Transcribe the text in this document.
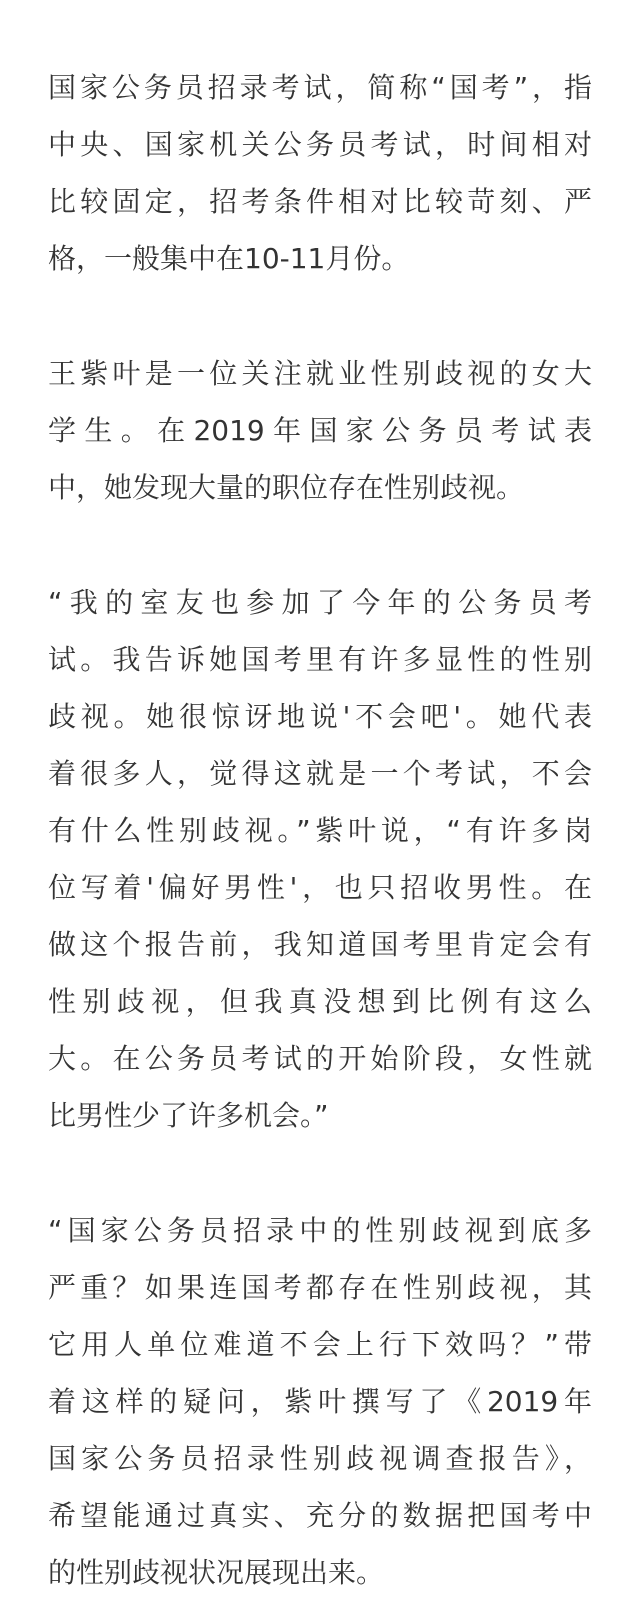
国家公务员招录考试，简称“国考”，指
中央、国家机关公务员考试，时间相对
比较固定，招考条件相对比较苛刻、严
格，一般集中在10-11月份。
王紫叶是一位关注就业性别歧视的女大
学生。在2019年国家公务员考试表
中，她发现大量的职位存在性别歧视。
“我的室友也参加了今年的公务员考
试。我告诉她国考里有许多显性的性别
歧视。她很惊讶地说'不会吧'。她代表
着很多人，觉得这就是一个考试，不会
有什么性别歧视。”紫叶说，“有许多岗
位写着'偏好男性'，也只招收男性。在
做这个报告前，我知道国考里肯定会有
性别歧视，但我真没想到比例有这么
大。在公务员考试的开始阶段，女性就
比男性少了许多机会。”
“国家公务员招录中的性别歧视到底多
严重？如果连国考都存在性别歧视，其
它用人单位难道不会上行下效吗？”带
着这样的疑问，紫叶撰写了《2019年
国家公务员招录性别歧视调查报告》，
希望能通过真实、充分的数据把国考中
的性别歧视状况展现出来。
